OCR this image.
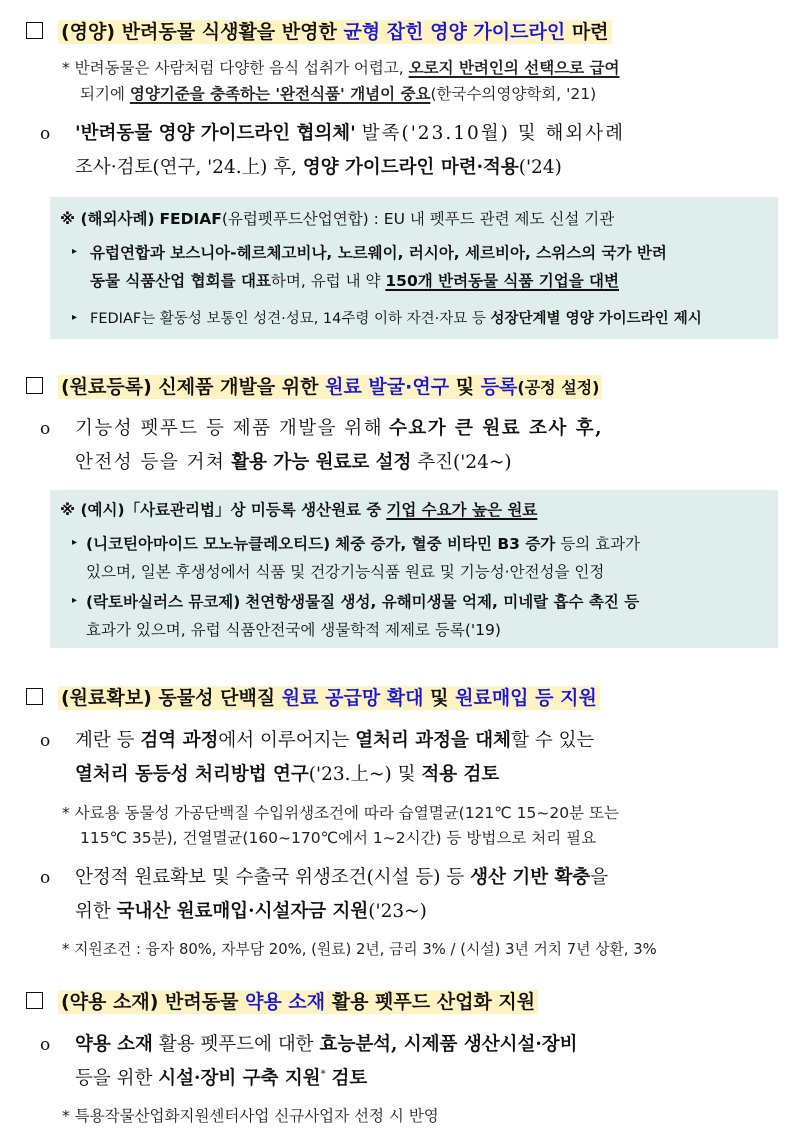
(영양) 반려동물 식생활을 반영한 균형 잡힌 영양 가이드라인 마련
* 반려동물은 사람처럼 다양한 음식 섭취가 어렵고, 오로지 반려인의 선택으로 급여
되기에 영양기준을 충족하는 '완전식품' 개념이 중요(한국수의영양학회, '21)
o '반려동물 영양 가이드라인 협의체' 발족('23.10월) 및 해외사례
조사·검토(연구, '24.上) 후, 영양 가이드라인 마련·적용('24)
※ (해외사례) FEDIAF(유럽펫푸드산업연합) : EU 내 펫푸드 관련 제도 신설 기관
▸ 유럽연합과 보스니아-헤르체고비나, 노르웨이, 러시아, 세르비아, 스위스의 국가 반려
동물 식품산업 협회를 대표하며, 유럽 내 약 150개 반려동물 식품 기업을 대변
▸ FEDIAF는 활동성 보통인 성견·성묘, 14주령 이하 자견·자묘 등 성장단계별 영양 가이드라인 제시
(원료등록) 신제품 개발을 위한 원료 발굴·연구 및 등록(공정 설정)
o 기능성 펫푸드 등 제품 개발을 위해 수요가 큰 원료 조사 후,
안전성 등을 거쳐 활용 가능 원료로 설정 추진('24~)
※ (예시)「사료관리법」상 미등록 생산원료 중 기업 수요가 높은 원료
▸ (니코틴아마이드 모노뉴클레오티드) 체중 증가, 혈중 비타민 B3 증가 등의 효과가
있으며, 일본 후생성에서 식품 및 건강기능식품 원료 및 기능성·안전성을 인정
▸ (락토바실러스 뮤코제) 천연항생물질 생성, 유해미생물 억제, 미네랄 흡수 촉진 등
효과가 있으며, 유럽 식품안전국에 생물학적 제제로 등록('19)
(원료확보) 동물성 단백질 원료 공급망 확대 및 원료매입 등 지원
o 계란 등 검역 과정에서 이루어지는 열처리 과정을 대체할 수 있는
열처리 동등성 처리방법 연구('23.上~) 및 적용 검토
* 사료용 동물성 가공단백질 수입위생조건에 따라 습열멸균(121℃ 15~20분 또는
115℃ 35분), 건열멸균(160~170℃에서 1~2시간) 등 방법으로 처리 필요
o 안정적 원료확보 및 수출국 위생조건(시설 등) 등 생산 기반 확충을
위한 국내산 원료매입·시설자금 지원('23~)
* 지원조건 : 융자 80%, 자부담 20%, (원료) 2년, 금리 3% / (시설) 3년 거치 7년 상환, 3%
(약용 소재) 반려동물 약용 소재 활용 펫푸드 산업화 지원
o 약용 소재 활용 펫푸드에 대한 효능분석, 시제품 생산시설·장비
등을 위한 시설·장비 구축 지원* 검토
* 특용작물산업화지원센터사업 신규사업자 선정 시 반영
